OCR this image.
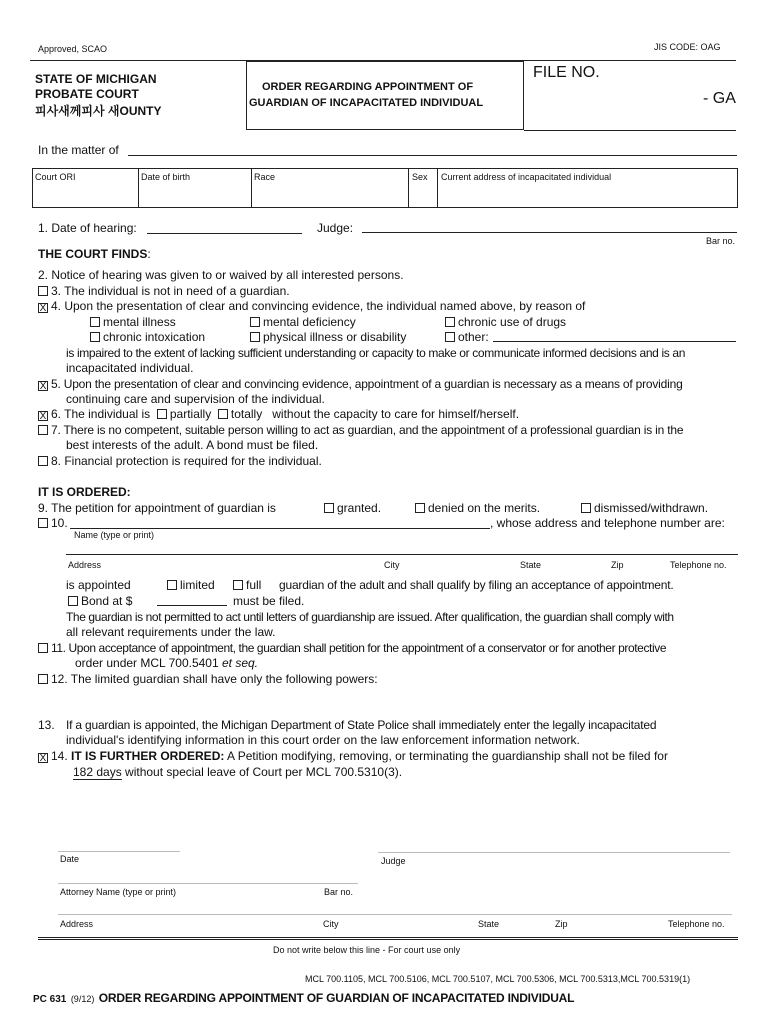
Approved, SCAO	JIS CODE: OAG
STATE OF MICHIGAN
PROBATE COURT
피사새께피사 새OUNTY
ORDER REGARDING APPOINTMENT OF
GUARDIAN OF INCAPACITATED INDIVIDUAL
FILE NO.
- GA
In the matter of
Court ORI	Date of birth	Race	Sex Current address of incapacitated individual
1. Date of hearing:	Judge:
Bar no.
THE COURT FINDS:
2. Notice of hearing was given to or waived by all interested persons.
3. The individual is not in need of a guardian.
X4. Upon the presentation of clear and convincing evidence, the individual named above, by reason of
mental illness	mental deficiency	chronic use of drugs
chronic intoxication	physical illness or disability	other:
is impaired to the extent of lacking sufficient understanding or capacity to make or communicate informed decisions and is an
incapacitated individual.
X5. Upon the presentation of clear and convincing evidence, appointment of a guardian is necessary as a means of providing
continuing care and supervision of the individual.
X6. The individual is partially totally without the capacity to care for himself/herself.
7. There is no competent, suitable person willing to act as guardian, and the appointment of a professional guardian is in the
best interests of the adult. A bond must be filed.
8. Financial protection is required for the individual.
IT IS ORDERED:
9. The petition for appointment of guardian is	granted.	denied on the merits.	dismissed/withdrawn.
10.	, whose address and telephone number are:
Name (type or print)
Address	City	State	Zip	Telephone no.
is appointed	limited	full guardian of the adult and shall qualify by filing an acceptance of appointment.
Bond at $	must be filed.
The guardian is not permitted to act until letters of guardianship are issued. After qualification, the guardian shall comply with
all relevant requirements under the law.
11. Upon acceptance of appointment, the guardian shall petition for the appointment of a conservator or for another protective
order under MCL 700.5401 et seq.
12. The limited guardian shall have only the following powers:
13. If a guardian is appointed, the Michigan Department of State Police shall immediately enter the legally incapacitated
individual's identifying information in this court order on the law enforcement information network.
X14. IT IS FURTHER ORDERED: A Petition modifying, removing, or terminating the guardianship shall not be filed for
182 days without special leave of Court per MCL 700.5310(3).
Date	Judge
Attorney Name (type or print)	Bar no.
Address	City	State	Zip	Telephone no.
Do not write below this line - For court use only
MCL 700.1105, MCL 700.5106, MCL 700.5107, MCL 700.5306, MCL 700.5313,MCL 700.5319(1)
PC 631 (9/12) ORDER REGARDING APPOINTMENT OF GUARDIAN OF INCAPACITATED INDIVIDUAL
